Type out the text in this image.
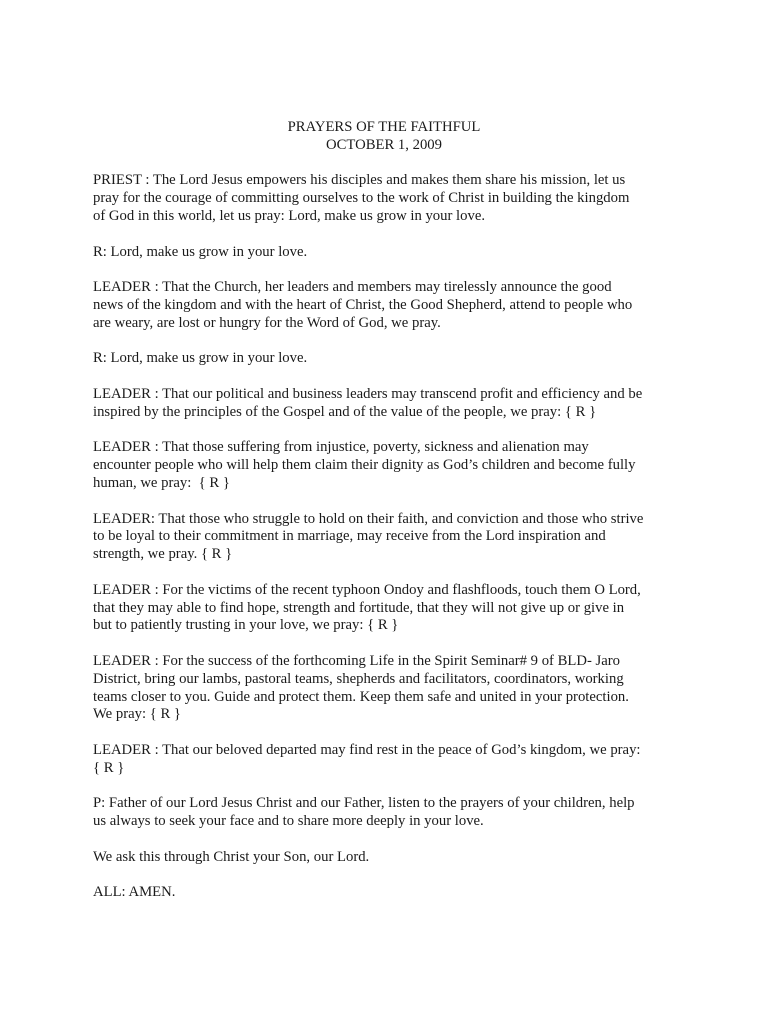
PRAYERS OF THE FAITHFUL
OCTOBER 1, 2009
PRIEST : The Lord Jesus empowers his disciples and makes them share his mission, let us
pray for the courage of committing ourselves to the work of Christ in building the kingdom
of God in this world, let us pray: Lord, make us grow in your love.
R: Lord, make us grow in your love.
LEADER : That the Church, her leaders and members may tirelessly announce the good
news of the kingdom and with the heart of Christ, the Good Shepherd, attend to people who
are weary, are lost or hungry for the Word of God, we pray.
R: Lord, make us grow in your love.
LEADER : That our political and business leaders may transcend profit and efficiency and be
inspired by the principles of the Gospel and of the value of the people, we pray: { R }
LEADER : That those suffering from injustice, poverty, sickness and alienation may
encounter people who will help them claim their dignity as God’s children and become fully
human, we pray:  { R }
LEADER: That those who struggle to hold on their faith, and conviction and those who strive
to be loyal to their commitment in marriage, may receive from the Lord inspiration and
strength, we pray. { R }
LEADER : For the victims of the recent typhoon Ondoy and flashfloods, touch them O Lord,
that they may able to find hope, strength and fortitude, that they will not give up or give in
but to patiently trusting in your love, we pray: { R }
LEADER : For the success of the forthcoming Life in the Spirit Seminar# 9 of BLD- Jaro
District, bring our lambs, pastoral teams, shepherds and facilitators, coordinators, working
teams closer to you. Guide and protect them. Keep them safe and united in your protection.
We pray: { R }
LEADER : That our beloved departed may find rest in the peace of God’s kingdom, we pray:
{ R }
P: Father of our Lord Jesus Christ and our Father, listen to the prayers of your children, help
us always to seek your face and to share more deeply in your love.
We ask this through Christ your Son, our Lord.
ALL: AMEN.
